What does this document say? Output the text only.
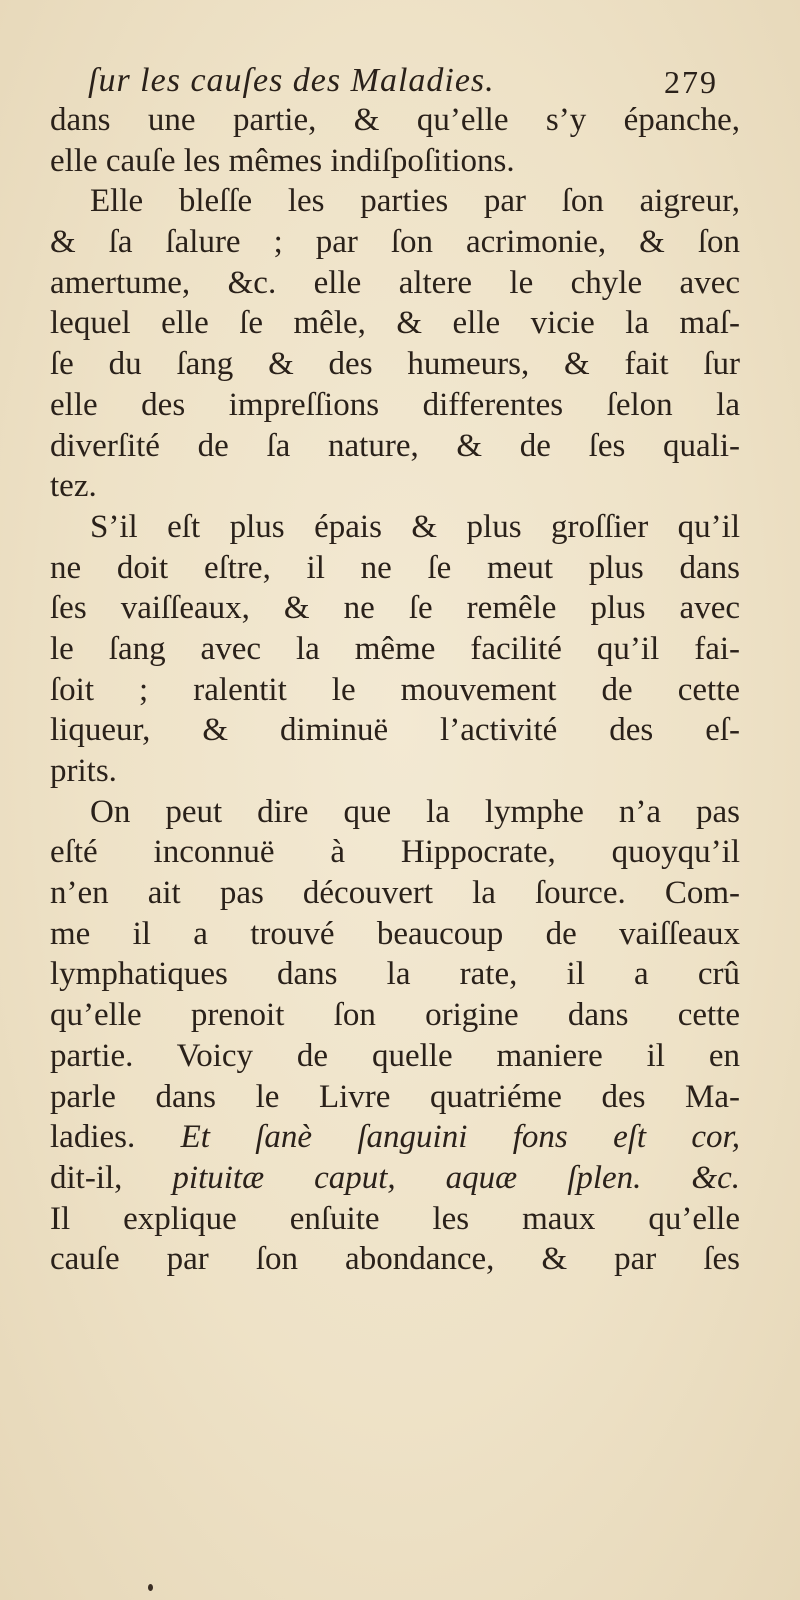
ſur les cauſes des Maladies.	279
dans une partie, & qu’elle s’y épanche,
elle cauſe les mêmes indiſpoſitions.
Elle bleſſe les parties par ſon aigreur,
& ſa ſalure ; par ſon acrimonie, & ſon
amertume, &c. elle altere le chyle avec
lequel elle ſe mêle, & elle vicie la maſ-
ſe du ſang & des humeurs, & fait ſur
elle des impreſſions differentes ſelon la
diverſité de ſa nature, & de ſes quali-
tez.
S’il eſt plus épais & plus groſſier qu’il
ne doit eſtre, il ne ſe meut plus dans
ſes vaiſſeaux, & ne ſe remêle plus avec
le ſang avec la même facilité qu’il fai-
ſoit ; ralentit le mouvement de cette
liqueur, & diminuë l’activité des eſ-
prits.
On peut dire que la lymphe n’a pas
eſté inconnuë à Hippocrate, quoyqu’il
n’en ait pas découvert la ſource. Com-
me il a trouvé beaucoup de vaiſſeaux
lymphatiques dans la rate, il a crû
qu’elle prenoit ſon origine dans cette
partie. Voicy de quelle maniere il en
parle dans le Livre quatriéme des Ma-
ladies. Et ſanè ſanguini fons eſt cor,
dit-il, pituitæ caput, aquæ ſplen. &c.
Il explique enſuite les maux qu’elle
cauſe par ſon abondance, & par ſes
